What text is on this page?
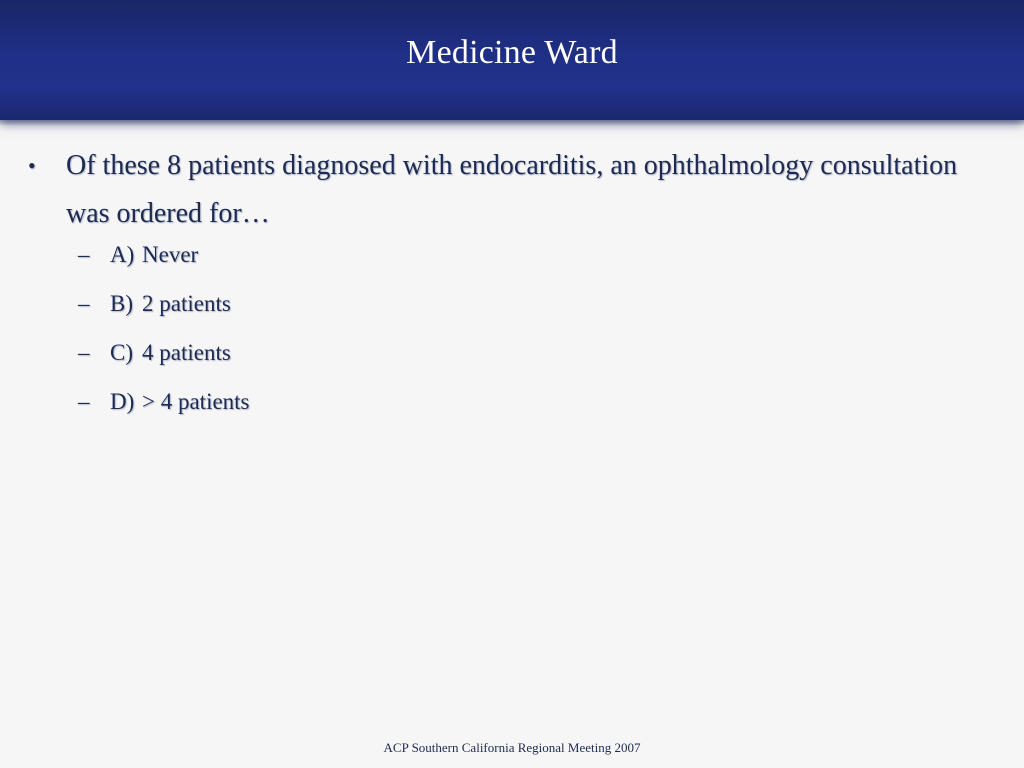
Medicine Ward
•	Of these 8 patients diagnosed with endocarditis, an ophthalmology consultation was ordered for…
– A) Never
– B) 2 patients
– C) 4 patients
– D) > 4 patients
ACP Southern California Regional Meeting 2007
